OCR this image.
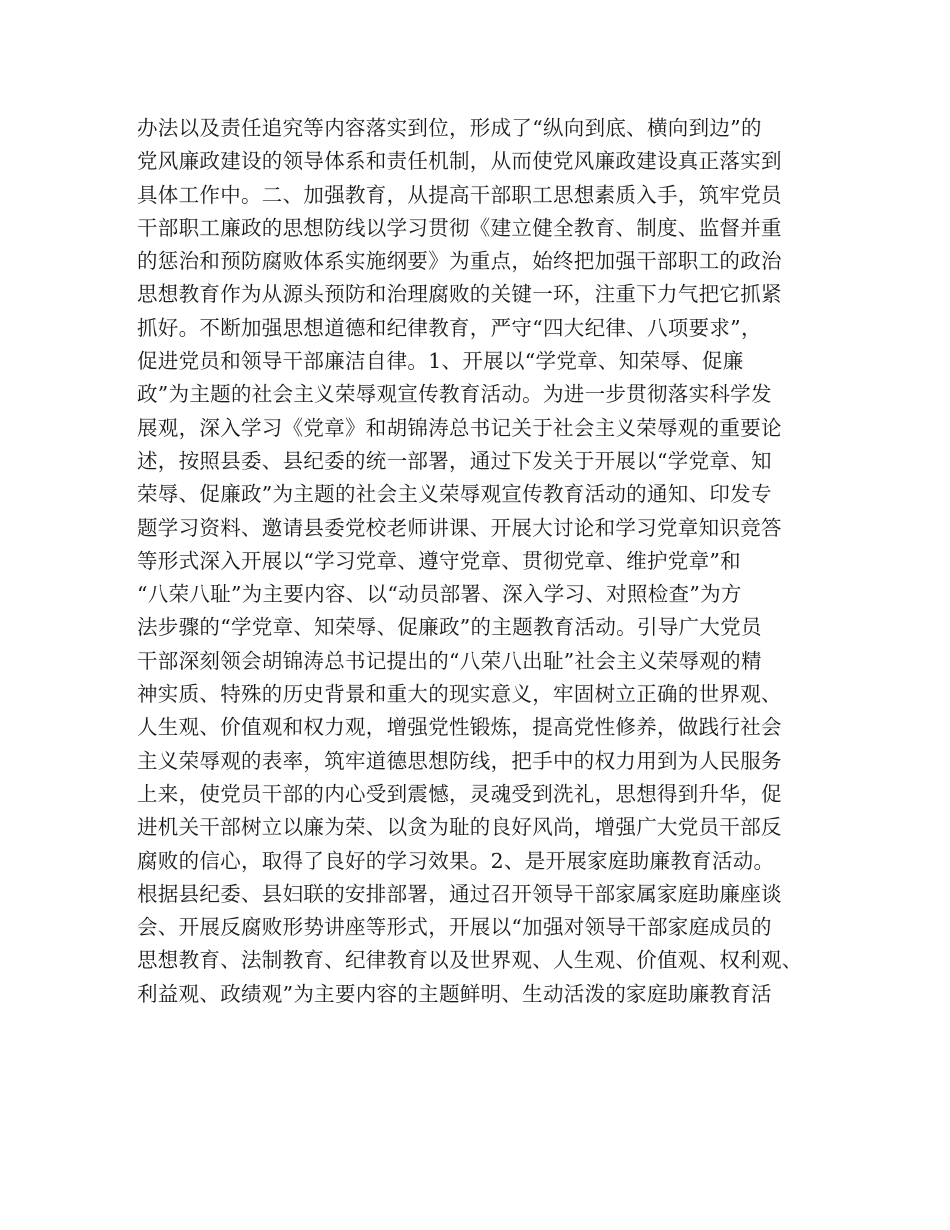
办法以及责任追究等内容落实到位，形成了“纵向到底、横向到边”的
党风廉政建设的领导体系和责任机制，从而使党风廉政建设真正落实到
具体工作中。二、加强教育，从提高干部职工思想素质入手，筑牢党员
干部职工廉政的思想防线以学习贯彻《建立健全教育、制度、监督并重
的惩治和预防腐败体系实施纲要》为重点，始终把加强干部职工的政治
思想教育作为从源头预防和治理腐败的关键一环，注重下力气把它抓紧
抓好。不断加强思想道德和纪律教育，严守“四大纪律、八项要求”，
促进党员和领导干部廉洁自律。1、开展以“学党章、知荣辱、促廉
政”为主题的社会主义荣辱观宣传教育活动。为进一步贯彻落实科学发
展观，深入学习《党章》和胡锦涛总书记关于社会主义荣辱观的重要论
述，按照县委、县纪委的统一部署，通过下发关于开展以“学党章、知
荣辱、促廉政”为主题的社会主义荣辱观宣传教育活动的通知、印发专
题学习资料、邀请县委党校老师讲课、开展大讨论和学习党章知识竞答
等形式深入开展以“学习党章、遵守党章、贯彻党章、维护党章”和
“八荣八耻”为主要内容、以“动员部署、深入学习、对照检查”为方
法步骤的“学党章、知荣辱、促廉政”的主题教育活动。引导广大党员
干部深刻领会胡锦涛总书记提出的“八荣八出耻”社会主义荣辱观的精
神实质、特殊的历史背景和重大的现实意义，牢固树立正确的世界观、
人生观、价值观和权力观，增强党性锻炼，提高党性修养，做践行社会
主义荣辱观的表率，筑牢道德思想防线，把手中的权力用到为人民服务
上来，使党员干部的内心受到震憾，灵魂受到洗礼，思想得到升华，促
进机关干部树立以廉为荣、以贪为耻的良好风尚，增强广大党员干部反
腐败的信心，取得了良好的学习效果。2、是开展家庭助廉教育活动。
根据县纪委、县妇联的安排部署，通过召开领导干部家属家庭助廉座谈
会、开展反腐败形势讲座等形式，开展以“加强对领导干部家庭成员的
思想教育、法制教育、纪律教育以及世界观、人生观、价值观、权利观、
利益观、政绩观”为主要内容的主题鲜明、生动活泼的家庭助廉教育活
